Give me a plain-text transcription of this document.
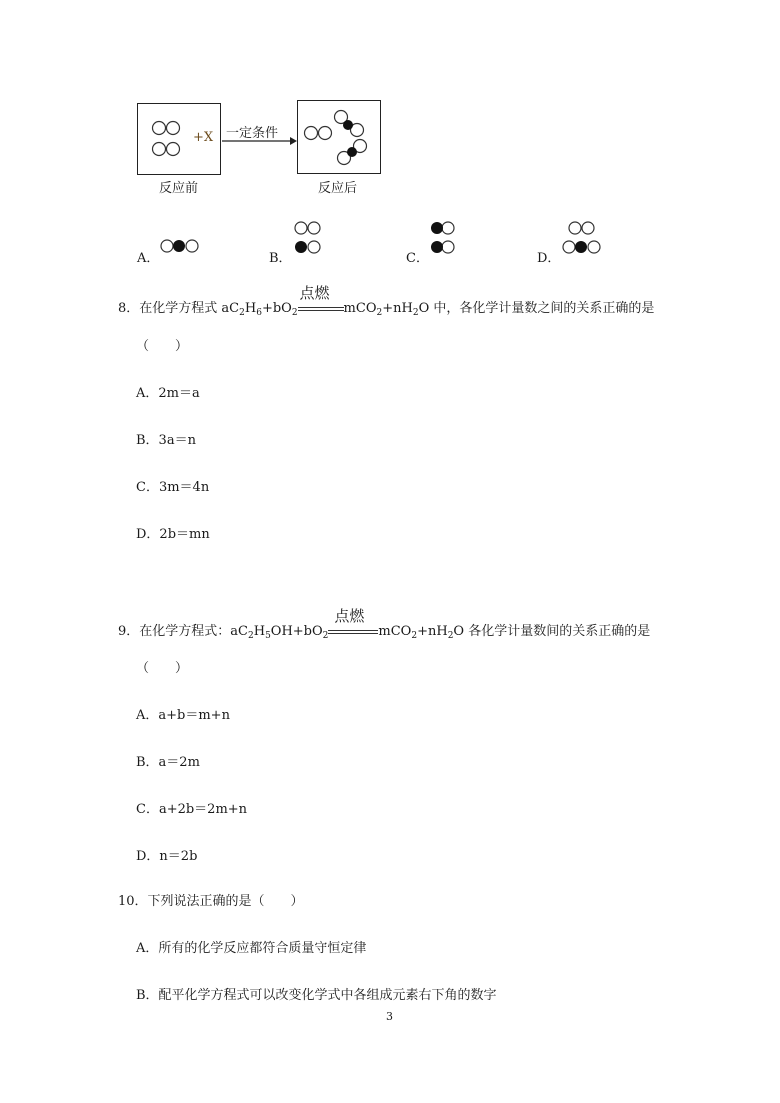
+X 一定条件
反应前	反应后
A．	B．	C．	D．
8．在化学方程式 $aC_2H_6+bO_2$
点燃
$mCO_2+nH_2O$ 中，各化学计量数之间的关系正确的是
（　　）
A．2m＝a
B．3a＝n
C．3m＝4n
D．2b＝mn
9．在化学方程式：$aC_2H_5OH+bO_2$
点燃
$mCO_2+nH_2O$ 各化学计量数间的关系正确的是
（　　）
A．a+b＝m+n
B．a＝2m
C．a+2b＝2m+n
D．n＝2b
10．下列说法正确的是（　　）
A．所有的化学反应都符合质量守恒定律
B．配平化学方程式可以改变化学式中各组成元素右下角的数字
3
